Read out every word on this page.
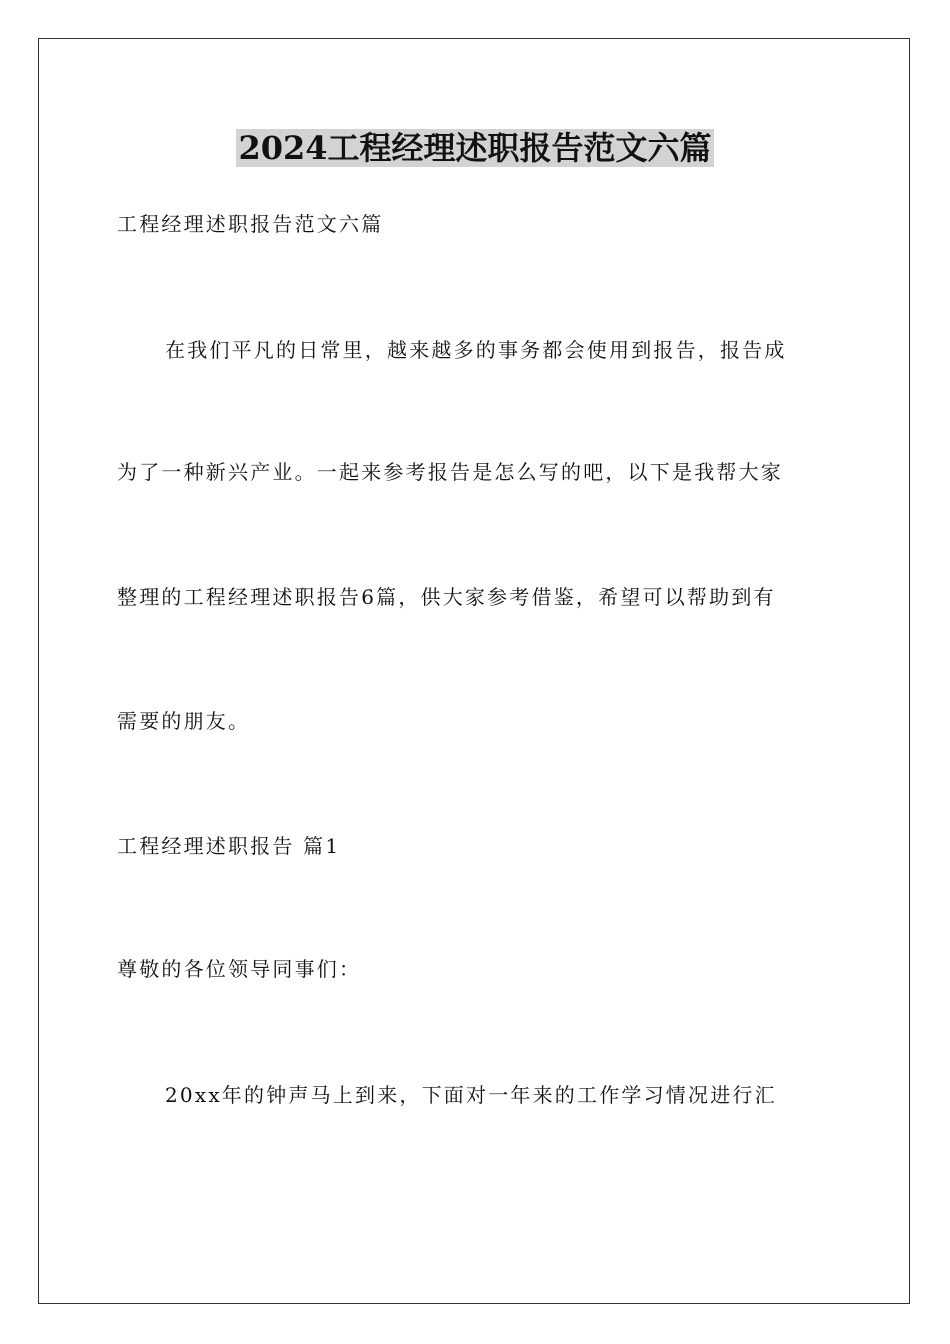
2024工程经理述职报告范文六篇

工程经理述职报告范文六篇

在我们平凡的日常里，越来越多的事务都会使用到报告，报告成

为了一种新兴产业。一起来参考报告是怎么写的吧，以下是我帮大家

整理的工程经理述职报告6篇，供大家参考借鉴，希望可以帮助到有

需要的朋友。

工程经理述职报告 篇1

尊敬的各位领导同事们：

20xx年的钟声马上到来，下面对一年来的工作学习情况进行汇
